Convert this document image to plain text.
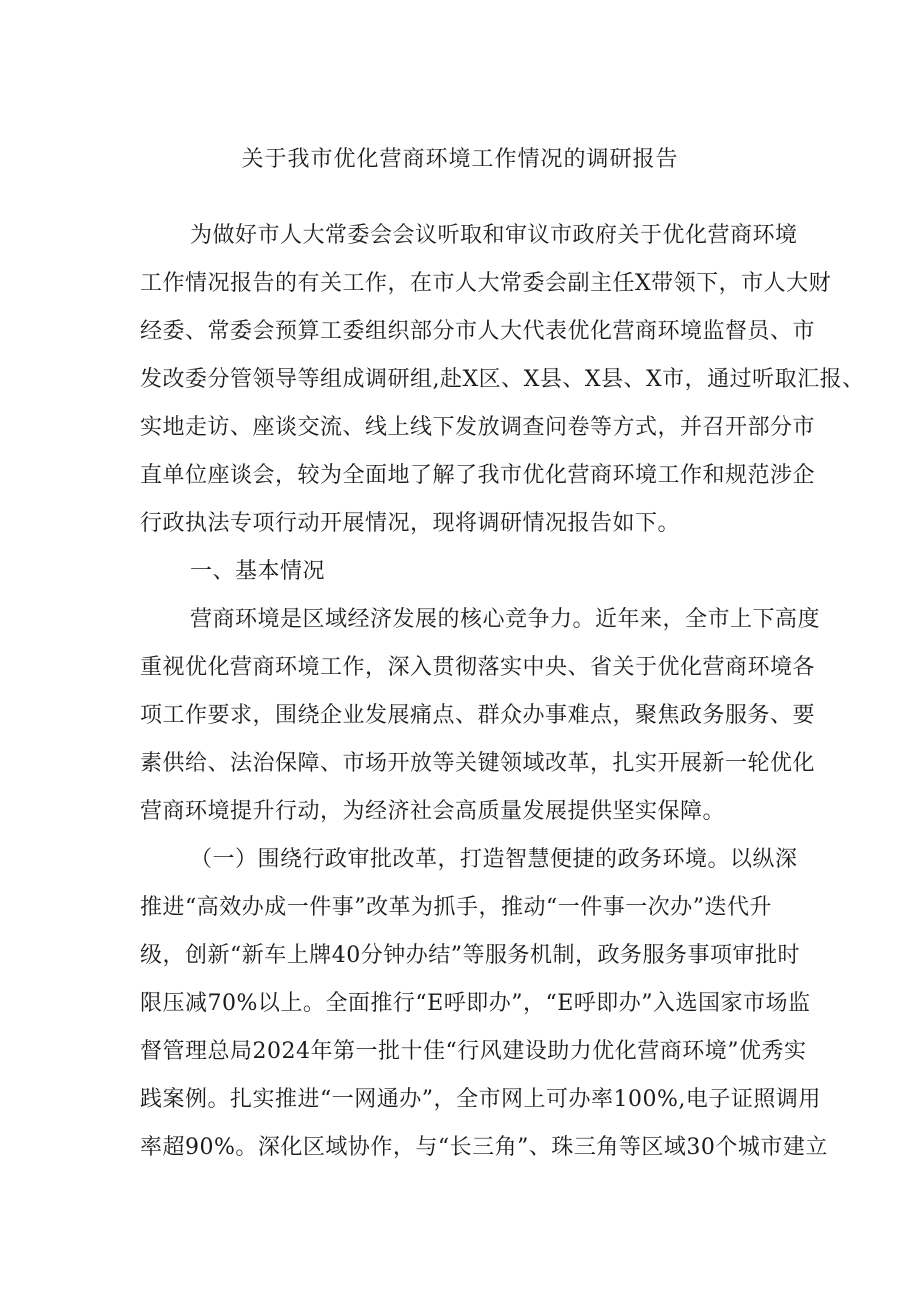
关于我市优化营商环境工作情况的调研报告
为做好市人大常委会会议听取和审议市政府关于优化营商环境
工作情况报告的有关工作，在市人大常委会副主任X带领下，市人大财
经委、常委会预算工委组织部分市人大代表优化营商环境监督员、市
发改委分管领导等组成调研组,赴X区、X县、X县、X市，通过听取汇报、
实地走访、座谈交流、线上线下发放调查问卷等方式，并召开部分市
直单位座谈会，较为全面地了解了我市优化营商环境工作和规范涉企
行政执法专项行动开展情况，现将调研情况报告如下。
一、基本情况
营商环境是区域经济发展的核心竞争力。近年来，全市上下高度
重视优化营商环境工作，深入贯彻落实中央、省关于优化营商环境各
项工作要求，围绕企业发展痛点、群众办事难点，聚焦政务服务、要
素供给、法治保障、市场开放等关键领域改革，扎实开展新一轮优化
营商环境提升行动，为经济社会高质量发展提供坚实保障。
（一）围绕行政审批改革，打造智慧便捷的政务环境。以纵深
推进“高效办成一件事”改革为抓手，推动“一件事一次办”迭代升
级，创新“新车上牌40分钟办结”等服务机制，政务服务事项审批时
限压减70%以上。全面推行“E呼即办”，“E呼即办”入选国家市场监
督管理总局2024年第一批十佳“行风建设助力优化营商环境”优秀实
践案例。扎实推进“一网通办”，全市网上可办率100%,电子证照调用
率超90%。深化区域协作，与“长三角”、珠三角等区域30个城市建立
